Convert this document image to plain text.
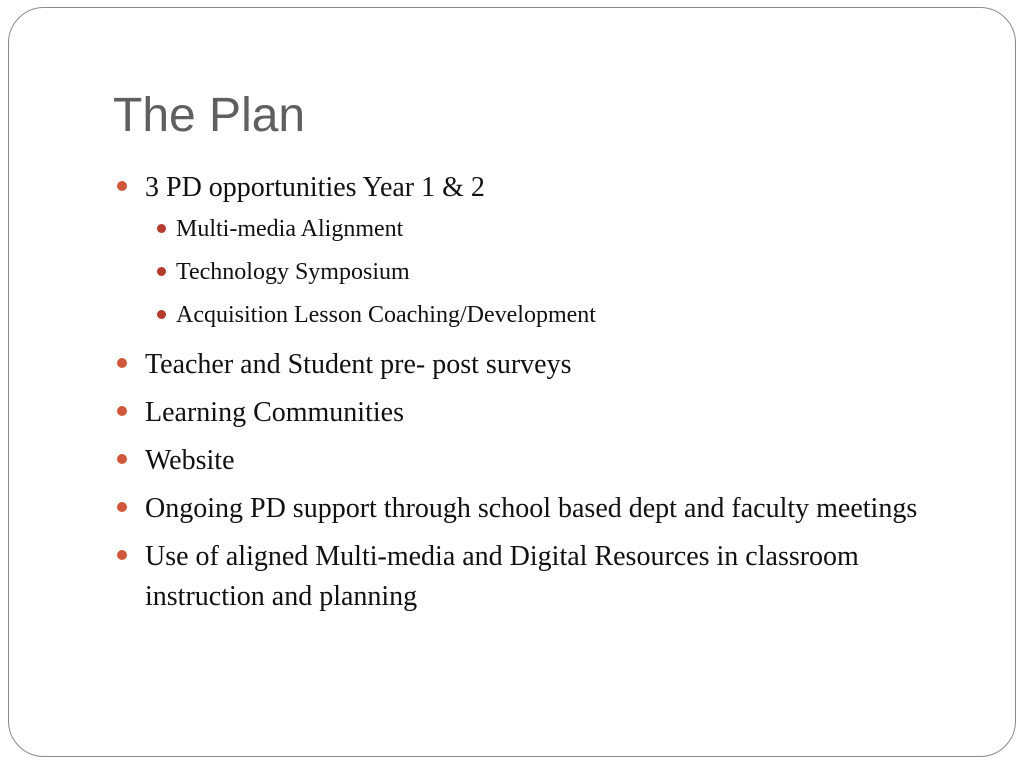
The Plan
3 PD opportunities Year 1 & 2
Multi-media Alignment
Technology Symposium
Acquisition Lesson Coaching/Development
Teacher and Student pre- post surveys
Learning Communities
Website
Ongoing PD support through school based dept and faculty meetings
Use of aligned Multi-media and Digital Resources in classroom instruction and planning
